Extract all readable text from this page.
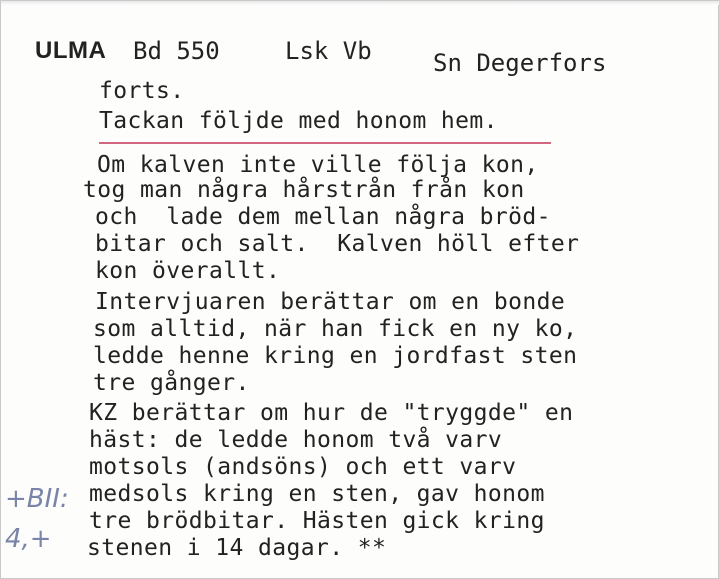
ULMA Bd 550	Lsk Vb	Sn Degerfors
forts.
Tackan följde med honom hem.
Om kalven inte ville följa kon,
tog man några hårstrån från kon
och  lade dem mellan några bröd-
bitar och salt.  Kalven höll efter
kon överallt.
Intervjuaren berättar om en bonde
som alltid, när han fick en ny ko,
ledde henne kring en jordfast sten
tre gånger.
KZ berättar om hur de "tryggde" en
häst: de ledde honom två varv
motsols (andsöns) och ett varv
medsols kring en sten, gav honom
tre brödbitar. Hästen gick kring
stenen i 14 dagar. **
+BII:
4,+
